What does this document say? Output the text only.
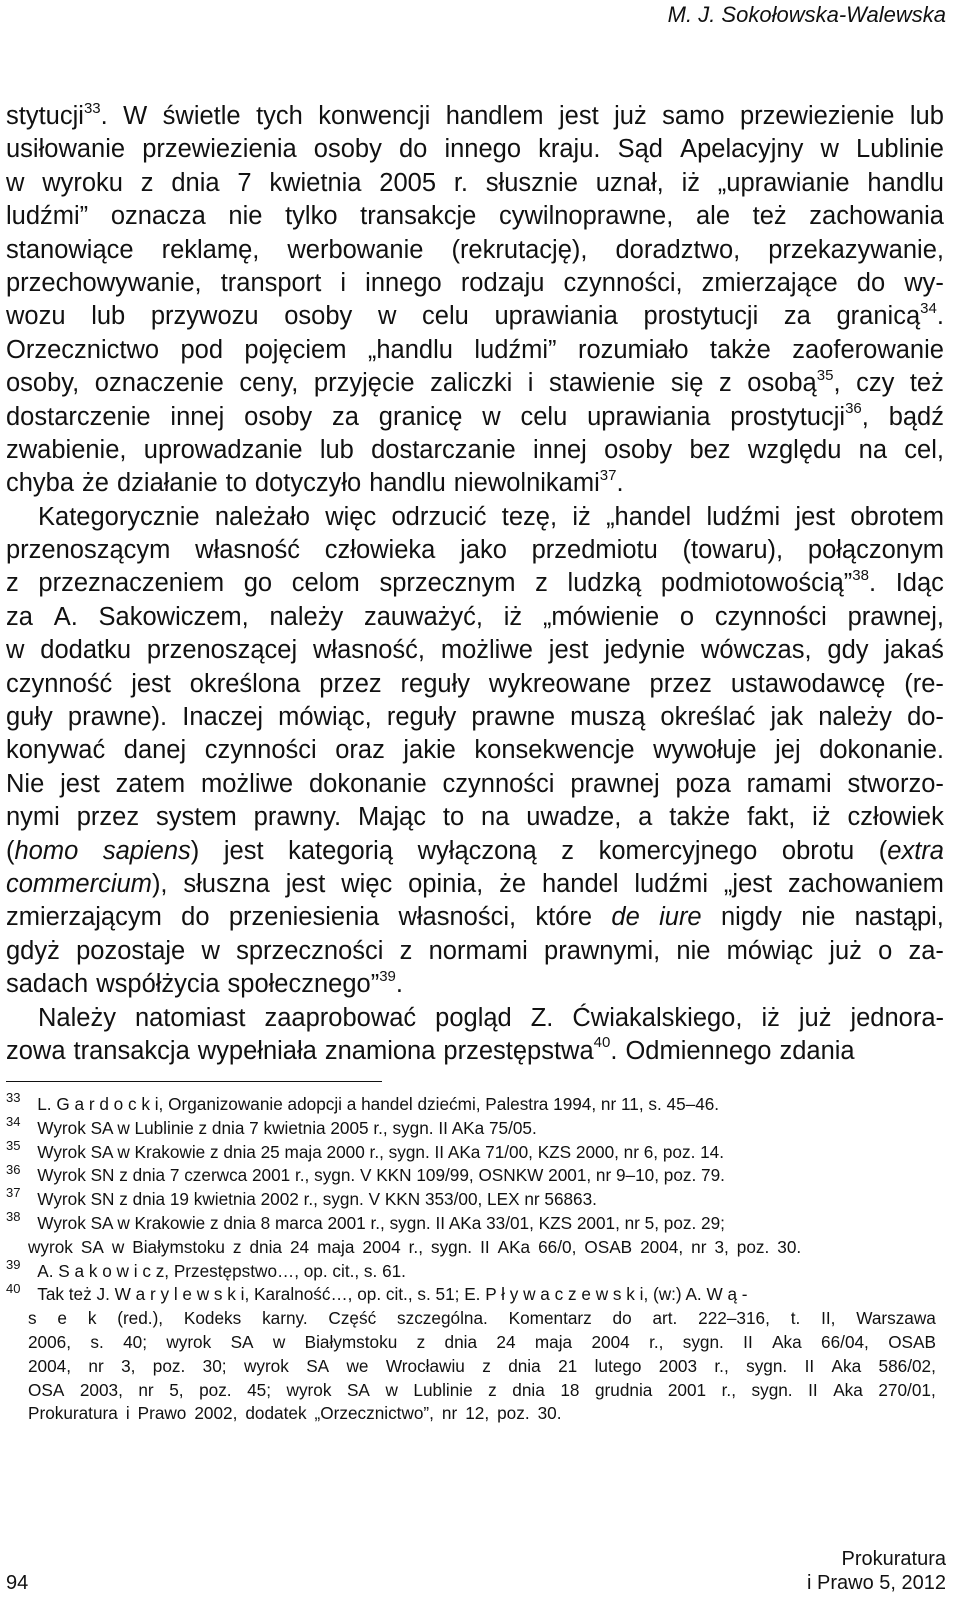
M. J. Sokołowska-Walewska
stytucji$^{33}$. W świetle tych konwencji handlem jest już samo przewiezienie lub
usiłowanie przewiezienia osoby do innego kraju. Sąd Apelacyjny w Lublinie
w wyroku z dnia 7 kwietnia 2005 r. słusznie uznał, iż „uprawianie handlu
ludźmi” oznacza nie tylko transakcje cywilnoprawne, ale też zachowania
stanowiące reklamę, werbowanie (rekrutację), doradztwo, przekazywanie,
przechowywanie, transport i innego rodzaju czynności, zmierzające do wy-
wozu lub przywozu osoby w celu uprawiania prostytucji za granicą$^{34}$.
Orzecznictwo pod pojęciem „handlu ludźmi” rozumiało także zaoferowanie
osoby, oznaczenie ceny, przyjęcie zaliczki i stawienie się z osobą$^{35}$, czy też
dostarczenie innej osoby za granicę w celu uprawiania prostytucji$^{36}$, bądź
zwabienie, uprowadzanie lub dostarczanie innej osoby bez względu na cel,
chyba że działanie to dotyczyło handlu niewolnikami$^{37}$.
Kategorycznie należało więc odrzucić tezę, iż „handel ludźmi jest obrotem
przenoszącym własność człowieka jako przedmiotu (towaru), połączonym
z przeznaczeniem go celom sprzecznym z ludzką podmiotowością”$^{38}$. Idąc
za A. Sakowiczem, należy zauważyć, iż „mówienie o czynności prawnej,
w dodatku przenoszącej własność, możliwe jest jedynie wówczas, gdy jakaś
czynność jest określona przez reguły wykreowane przez ustawodawcę (re-
guły prawne). Inaczej mówiąc, reguły prawne muszą określać jak należy do-
konywać danej czynności oraz jakie konsekwencje wywołuje jej dokonanie.
Nie jest zatem możliwe dokonanie czynności prawnej poza ramami stworzo-
nymi przez system prawny. Mając to na uwadze, a także fakt, iż człowiek
(homo sapiens) jest kategorią wyłączoną z komercyjnego obrotu (extra
commercium), słuszna jest więc opinia, że handel ludźmi „jest zachowaniem
zmierzającym do przeniesienia własności, które de iure nigdy nie nastąpi,
gdyż pozostaje w sprzeczności z normami prawnymi, nie mówiąc już o za-
sadach współżycia społecznego”$^{39}$.
Należy natomiast zaaprobować pogląd Z. Ćwiakalskiego, iż już jednora-
zowa transakcja wypełniała znamiona przestępstwa$^{40}$. Odmiennego zdania
$^{33}$ L. G a r d o c k i, Organizowanie adopcji a handel dziećmi, Palestra 1994, nr 11, s. 45–46.
$^{34}$ Wyrok SA w Lublinie z dnia 7 kwietnia 2005 r., sygn. II AKa 75/05.
$^{35}$ Wyrok SA w Krakowie z dnia 25 maja 2000 r., sygn. II AKa 71/00, KZS 2000, nr 6, poz. 14.
$^{36}$ Wyrok SN z dnia 7 czerwca 2001 r., sygn. V KKN 109/99, OSNKW 2001, nr 9–10, poz. 79.
$^{37}$ Wyrok SN z dnia 19 kwietnia 2002 r., sygn. V KKN 353/00, LEX nr 56863.
$^{38}$ Wyrok SA w Krakowie z dnia 8 marca 2001 r., sygn. II AKa 33/01, KZS 2001, nr 5, poz. 29;
wyrok SA w Białymstoku z dnia 24 maja 2004 r., sygn. II AKa 66/0, OSAB 2004, nr 3, poz. 30.
$^{39}$ A. S a k o w i c z, Przestępstwo…, op. cit., s. 61.
$^{40}$ Tak też J. W a r y l e w s k i, Karalność…, op. cit., s. 51; E. P ł y w a c z e w s k i, (w:) A. W ą -
s e k (red.), Kodeks karny. Część szczególna. Komentarz do art. 222–316, t. II, Warszawa
2006, s. 40; wyrok SA w Białymstoku z dnia 24 maja 2004 r., sygn. II Aka 66/04, OSAB
2004, nr 3, poz. 30; wyrok SA we Wrocławiu z dnia 21 lutego 2003 r., sygn. II Aka 586/02,
OSA 2003, nr 5, poz. 45; wyrok SA w Lublinie z dnia 18 grudnia 2001 r., sygn. II Aka 270/01,
Prokuratura i Prawo 2002, dodatek „Orzecznictwo”, nr 12, poz. 30.
94
Prokuratura
i Prawo 5, 2012
